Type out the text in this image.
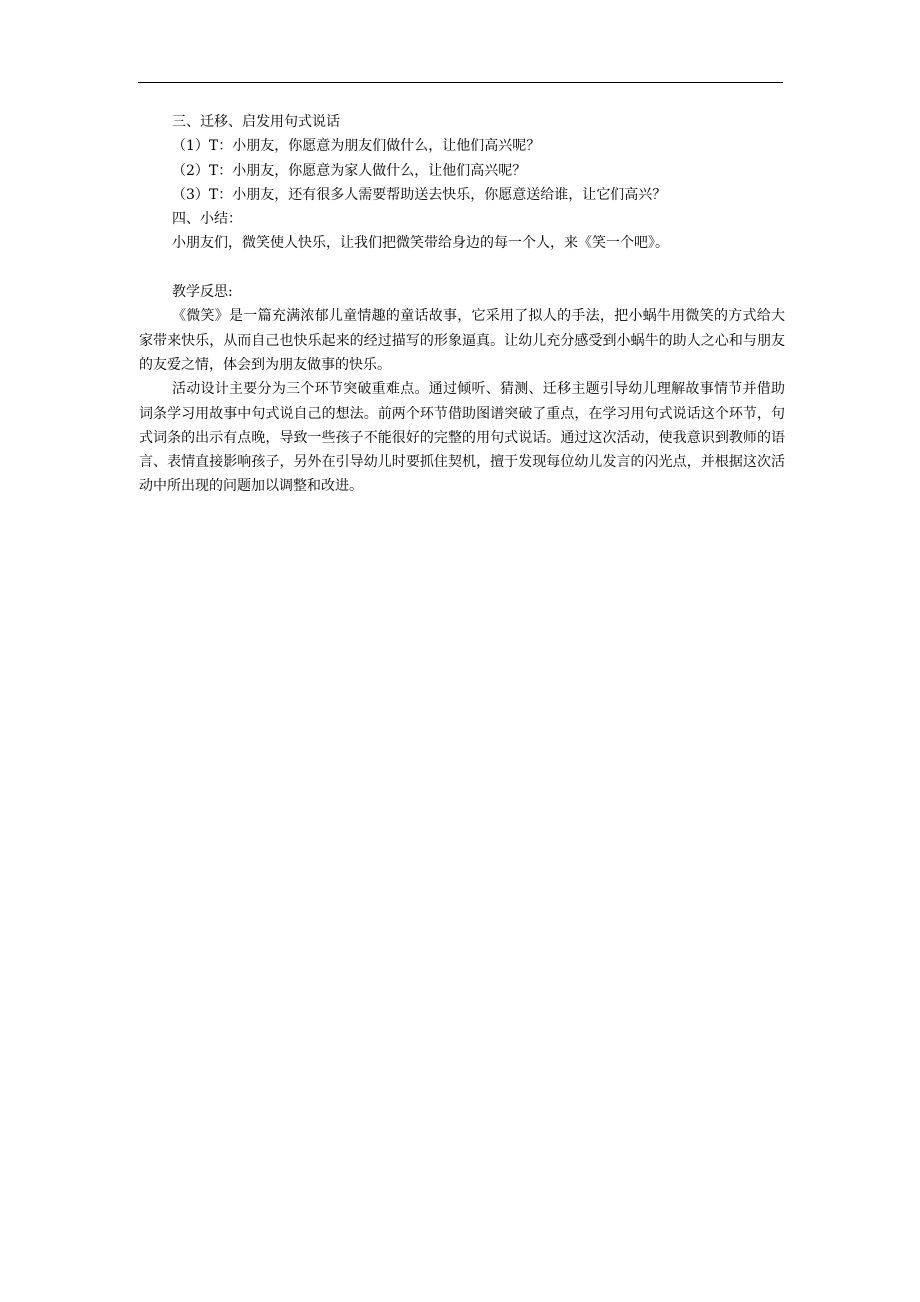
三、迁移、启发用句式说话

（1）T：小朋友，你愿意为朋友们做什么，让他们高兴呢？

（2）T：小朋友，你愿意为家人做什么，让他们高兴呢？

（3）T：小朋友，还有很多人需要帮助送去快乐，你愿意送给谁，让它们高兴？

四、小结：

小朋友们，微笑使人快乐，让我们把微笑带给身边的每一个人，来《笑一个吧》。

教学反思:

《微笑》是一篇充满浓郁儿童情趣的童话故事，它采用了拟人的手法，把小蜗牛用微笑的方式给大家带来快乐，从而自己也快乐起来的经过描写的形象逼真。让幼儿充分感受到小蜗牛的助人之心和与朋友的友爱之情，体会到为朋友做事的快乐。

活动设计主要分为三个环节突破重难点。通过倾听、猜测、迁移主题引导幼儿理解故事情节并借助词条学习用故事中句式说自己的想法。前两个环节借助图谱突破了重点，在学习用句式说话这个环节，句式词条的出示有点晚，导致一些孩子不能很好的完整的用句式说话。通过这次活动，使我意识到教师的语言、表情直接影响孩子，另外在引导幼儿时要抓住契机，擅于发现每位幼儿发言的闪光点，并根据这次活动中所出现的问题加以调整和改进。
